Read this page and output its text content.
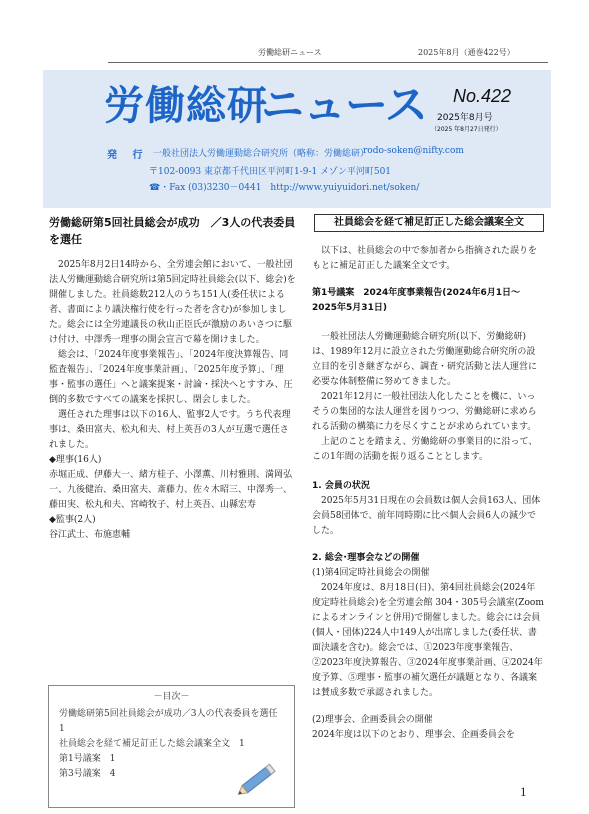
労働総研ニュース	2025年8月（通巻422号）
労働総研
ニュース No.422
2025年8月号
（2025 年8月27日発行）
発 行 一般社団法人労働運動総合研究所（略称：労働総研）
rodo-soken@nifty.com
〒102-0093 東京都千代田区平河町1-9-1 メゾン平河町501
☎・Fax (03)3230－0441　http://www.yuiyuidori.net/soken/
労働総研第5回社員総会が成功　／3人の代表委員を選任

2025年8月2日14時から、全労連会館において、一般社団法人労働運動総合研究所は第5回定時社員総会(以下、総会)を開催しました。社員総数212人のうち151人(委任状による者、書面により議決権行使を行った者を含む)が参加しました。総会には全労連議長の秋山正臣氏が激励のあいさつに駆け付け、中澤秀一理事の開会宣言で幕を開けました。

総会は、「2024年度事業報告」、「2024年度決算報告、同監査報告」、「2024年度事業計画」、「2025年度予算」、「理事・監事の選任」へと議案提案・討論・採決へとすすみ、圧倒的多数ですべての議案を採択し、閉会しました。

選任された理事は以下の16人、監事2人です。うち代表理事は、桑田富夫、松丸和夫、村上英吾の3人が互選で選任されました。

◆理事(16人)

赤堀正成、伊藤大一、緒方桂子、小澤薫、川村雅則、満岡弘一、九後健治、桑田富夫、斎藤力、佐々木昭三、中澤秀一、藤田実、松丸和夫、宮崎牧子、村上英吾、山縣宏寿

◆監事(2人)

谷江武士、布施恵輔

－目次－
労働総研第5回社員総会が成功／3人の代表委員を選任　1
社員総会を経て補足訂正した総会議案全文　1
第1号議案　1
第3号議案　4
社員総会を経て補足訂正した総会議案全文

以下は、社員総会の中で参加者から指摘された誤りをもとに補足訂正した議案全文です。

第1号議案　2024年度事業報告(2024年6月1日～2025年5月31日)

一般社団法人労働運動総合研究所(以下、労働総研)は、1989年12月に設立された労働運動総合研究所の設立目的を引き継ぎながら、調査・研究活動と法人運営に必要な体制整備に努めてきました。

2021年12月に一般社団法人化したことを機に、いっそうの集団的な法人運営を図りつつ、労働総研に求められる活動の構築に力を尽くすことが求められています。

上記のことを踏まえ、労働総研の事業目的に沿って、この1年間の活動を振り返ることとします。

1. 会員の状況

2025年5月31日現在の会員数は個人会員163人、団体会員58団体で、前年同時期に比べ個人会員6人の減少でした。

2. 総会･理事会などの開催

(1)第4回定時社員総会の開催

2024年度は、8月18日(日)、第4回社員総会(2024年度定時社員総会)を全労連会館 304・305号会議室(Zoomによるオンラインと併用)で開催しました。総会には会員(個人・団体)224人中149人が出席しました(委任状、書面決議を含む)。総会では、①2023年度事業報告、②2023年度決算報告、③2024年度事業計画、④2024年度予算、⑤理事・監事の補欠選任が議題となり、各議案は賛成多数で承認されました。

(2)理事会、企画委員会の開催

2024年度は以下のとおり、理事会、企画委員会を

1
